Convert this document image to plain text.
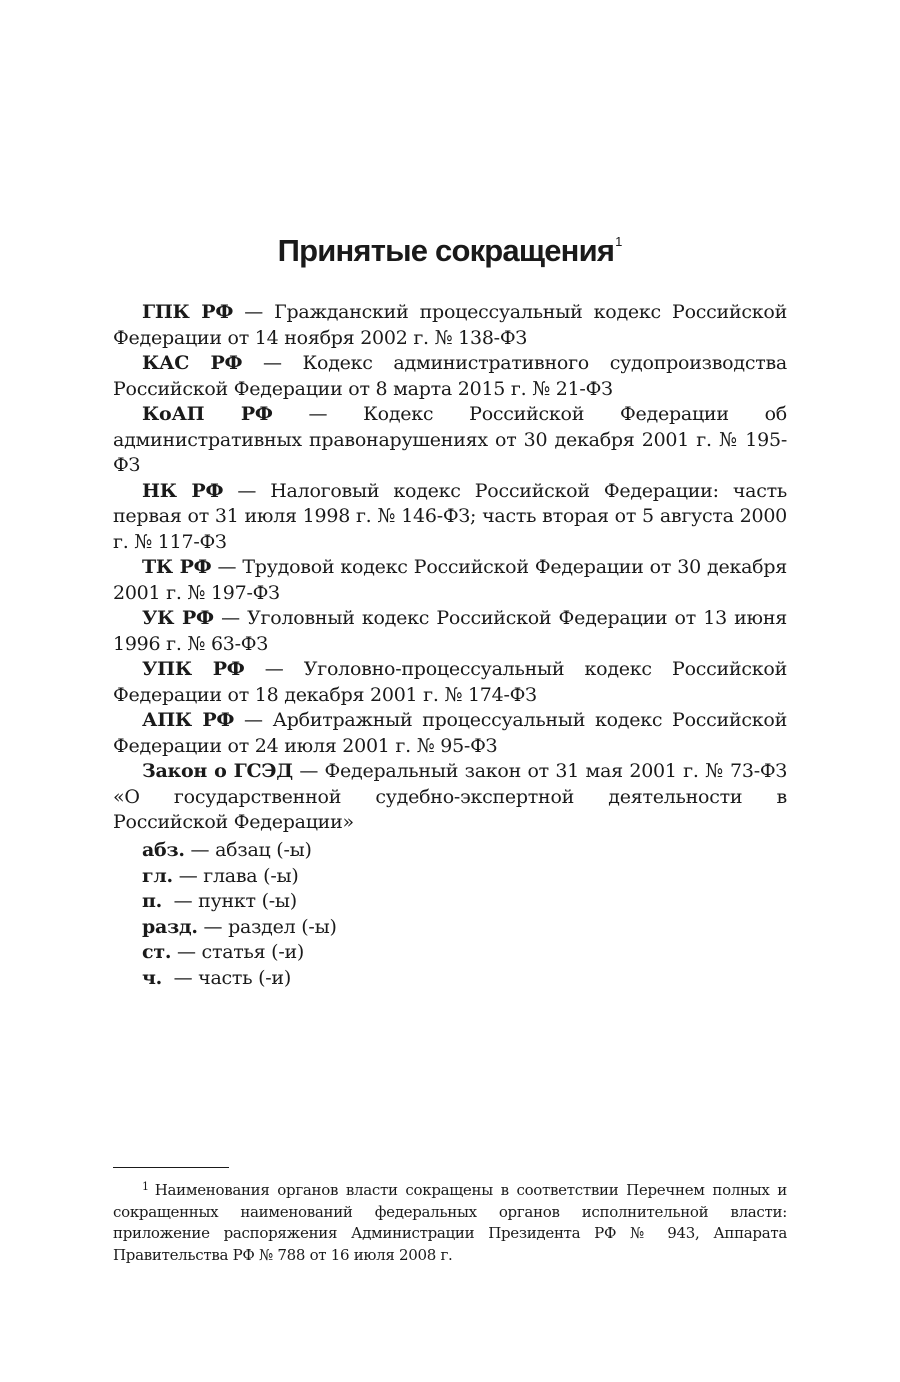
Принятые сокращения$^1$

ГПК РФ — Гражданский процессуальный кодекс Российской Федерации от 14 ноября 2002 г. № 138-ФЗ

КАС РФ — Кодекс административного судопроизводства Российской Федерации от 8 марта 2015 г. № 21-ФЗ

КоАП РФ — Кодекс Российской Федерации об административных правонарушениях от 30 декабря 2001 г. № 195-ФЗ

НК РФ — Налоговый кодекс Российской Федерации: часть первая от 31 июля 1998 г. № 146-ФЗ; часть вторая от 5 августа 2000 г. № 117-ФЗ

ТК РФ — Трудовой кодекс Российской Федерации от 30 декабря 2001 г. № 197-ФЗ

УК РФ — Уголовный кодекс Российской Федерации от 13 июня 1996 г. № 63-ФЗ

УПК РФ — Уголовно-процессуальный кодекс Российской Федерации от 18 декабря 2001 г. № 174-ФЗ

АПК РФ — Арбитражный процессуальный кодекс Российской Федерации от 24 июля 2001 г. № 95-ФЗ

Закон о ГСЭД — Федеральный закон от 31 мая 2001 г. № 73-ФЗ «О государственной судебно-экспертной деятельности в Российской Федерации»

абз. — абзац (-ы)

гл. — глава (-ы)

п.  — пункт (-ы)

разд. — раздел (-ы)

ст. — статья (-и)

ч.  — часть (-и)

$^1$ Наименования органов власти сокращены в соответствии Перечнем полных и сокращенных наименований федеральных органов исполнительной власти: приложение распоряжения Администрации Президента РФ № 943, Аппарата Правительства РФ № 788 от 16 июля 2008 г.
